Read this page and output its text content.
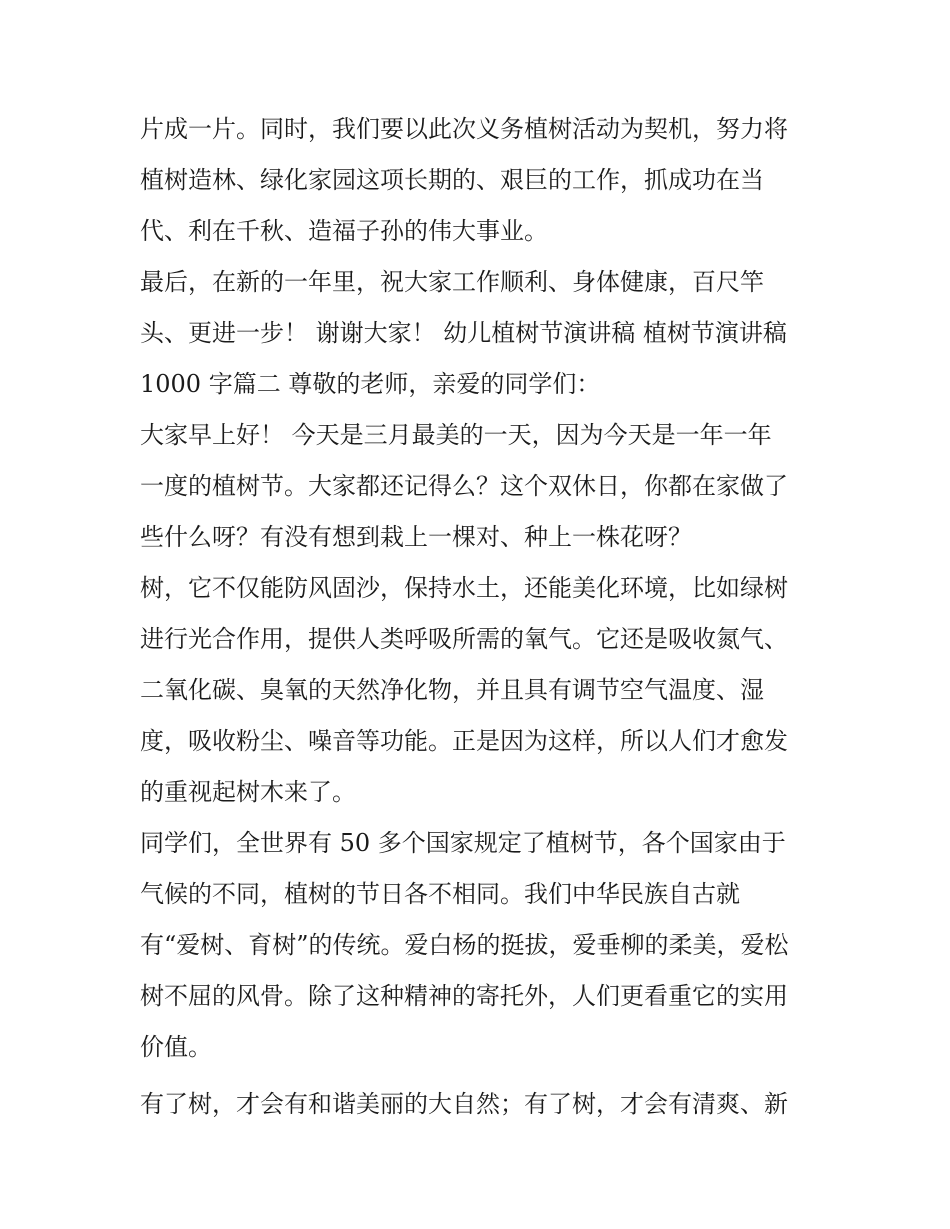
片成一片。同时，我们要以此次义务植树活动为契机，努力将
植树造林、绿化家园这项长期的、艰巨的工作，抓成功在当
代、利在千秋、造福子孙的伟大事业。
最后，在新的一年里，祝大家工作顺利、身体健康，百尺竿
头、更进一步！ 谢谢大家！ 幼儿植树节演讲稿 植树节演讲稿
1000 字篇二 尊敬的老师，亲爱的同学们：
大家早上好！ 今天是三月最美的一天，因为今天是一年一年
一度的植树节。大家都还记得么？这个双休日，你都在家做了
些什么呀？有没有想到栽上一棵对、种上一株花呀？
树，它不仅能防风固沙，保持水土，还能美化环境，比如绿树
进行光合作用，提供人类呼吸所需的氧气。它还是吸收氮气、
二氧化碳、臭氧的天然净化物，并且具有调节空气温度、湿
度，吸收粉尘、噪音等功能。正是因为这样，所以人们才愈发
的重视起树木来了。
同学们，全世界有 50 多个国家规定了植树节，各个国家由于
气候的不同，植树的节日各不相同。我们中华民族自古就
有“爱树、育树”的传统。爱白杨的挺拔，爱垂柳的柔美，爱松
树不屈的风骨。除了这种精神的寄托外，人们更看重它的实用
价值。
有了树，才会有和谐美丽的大自然；有了树，才会有清爽、新
